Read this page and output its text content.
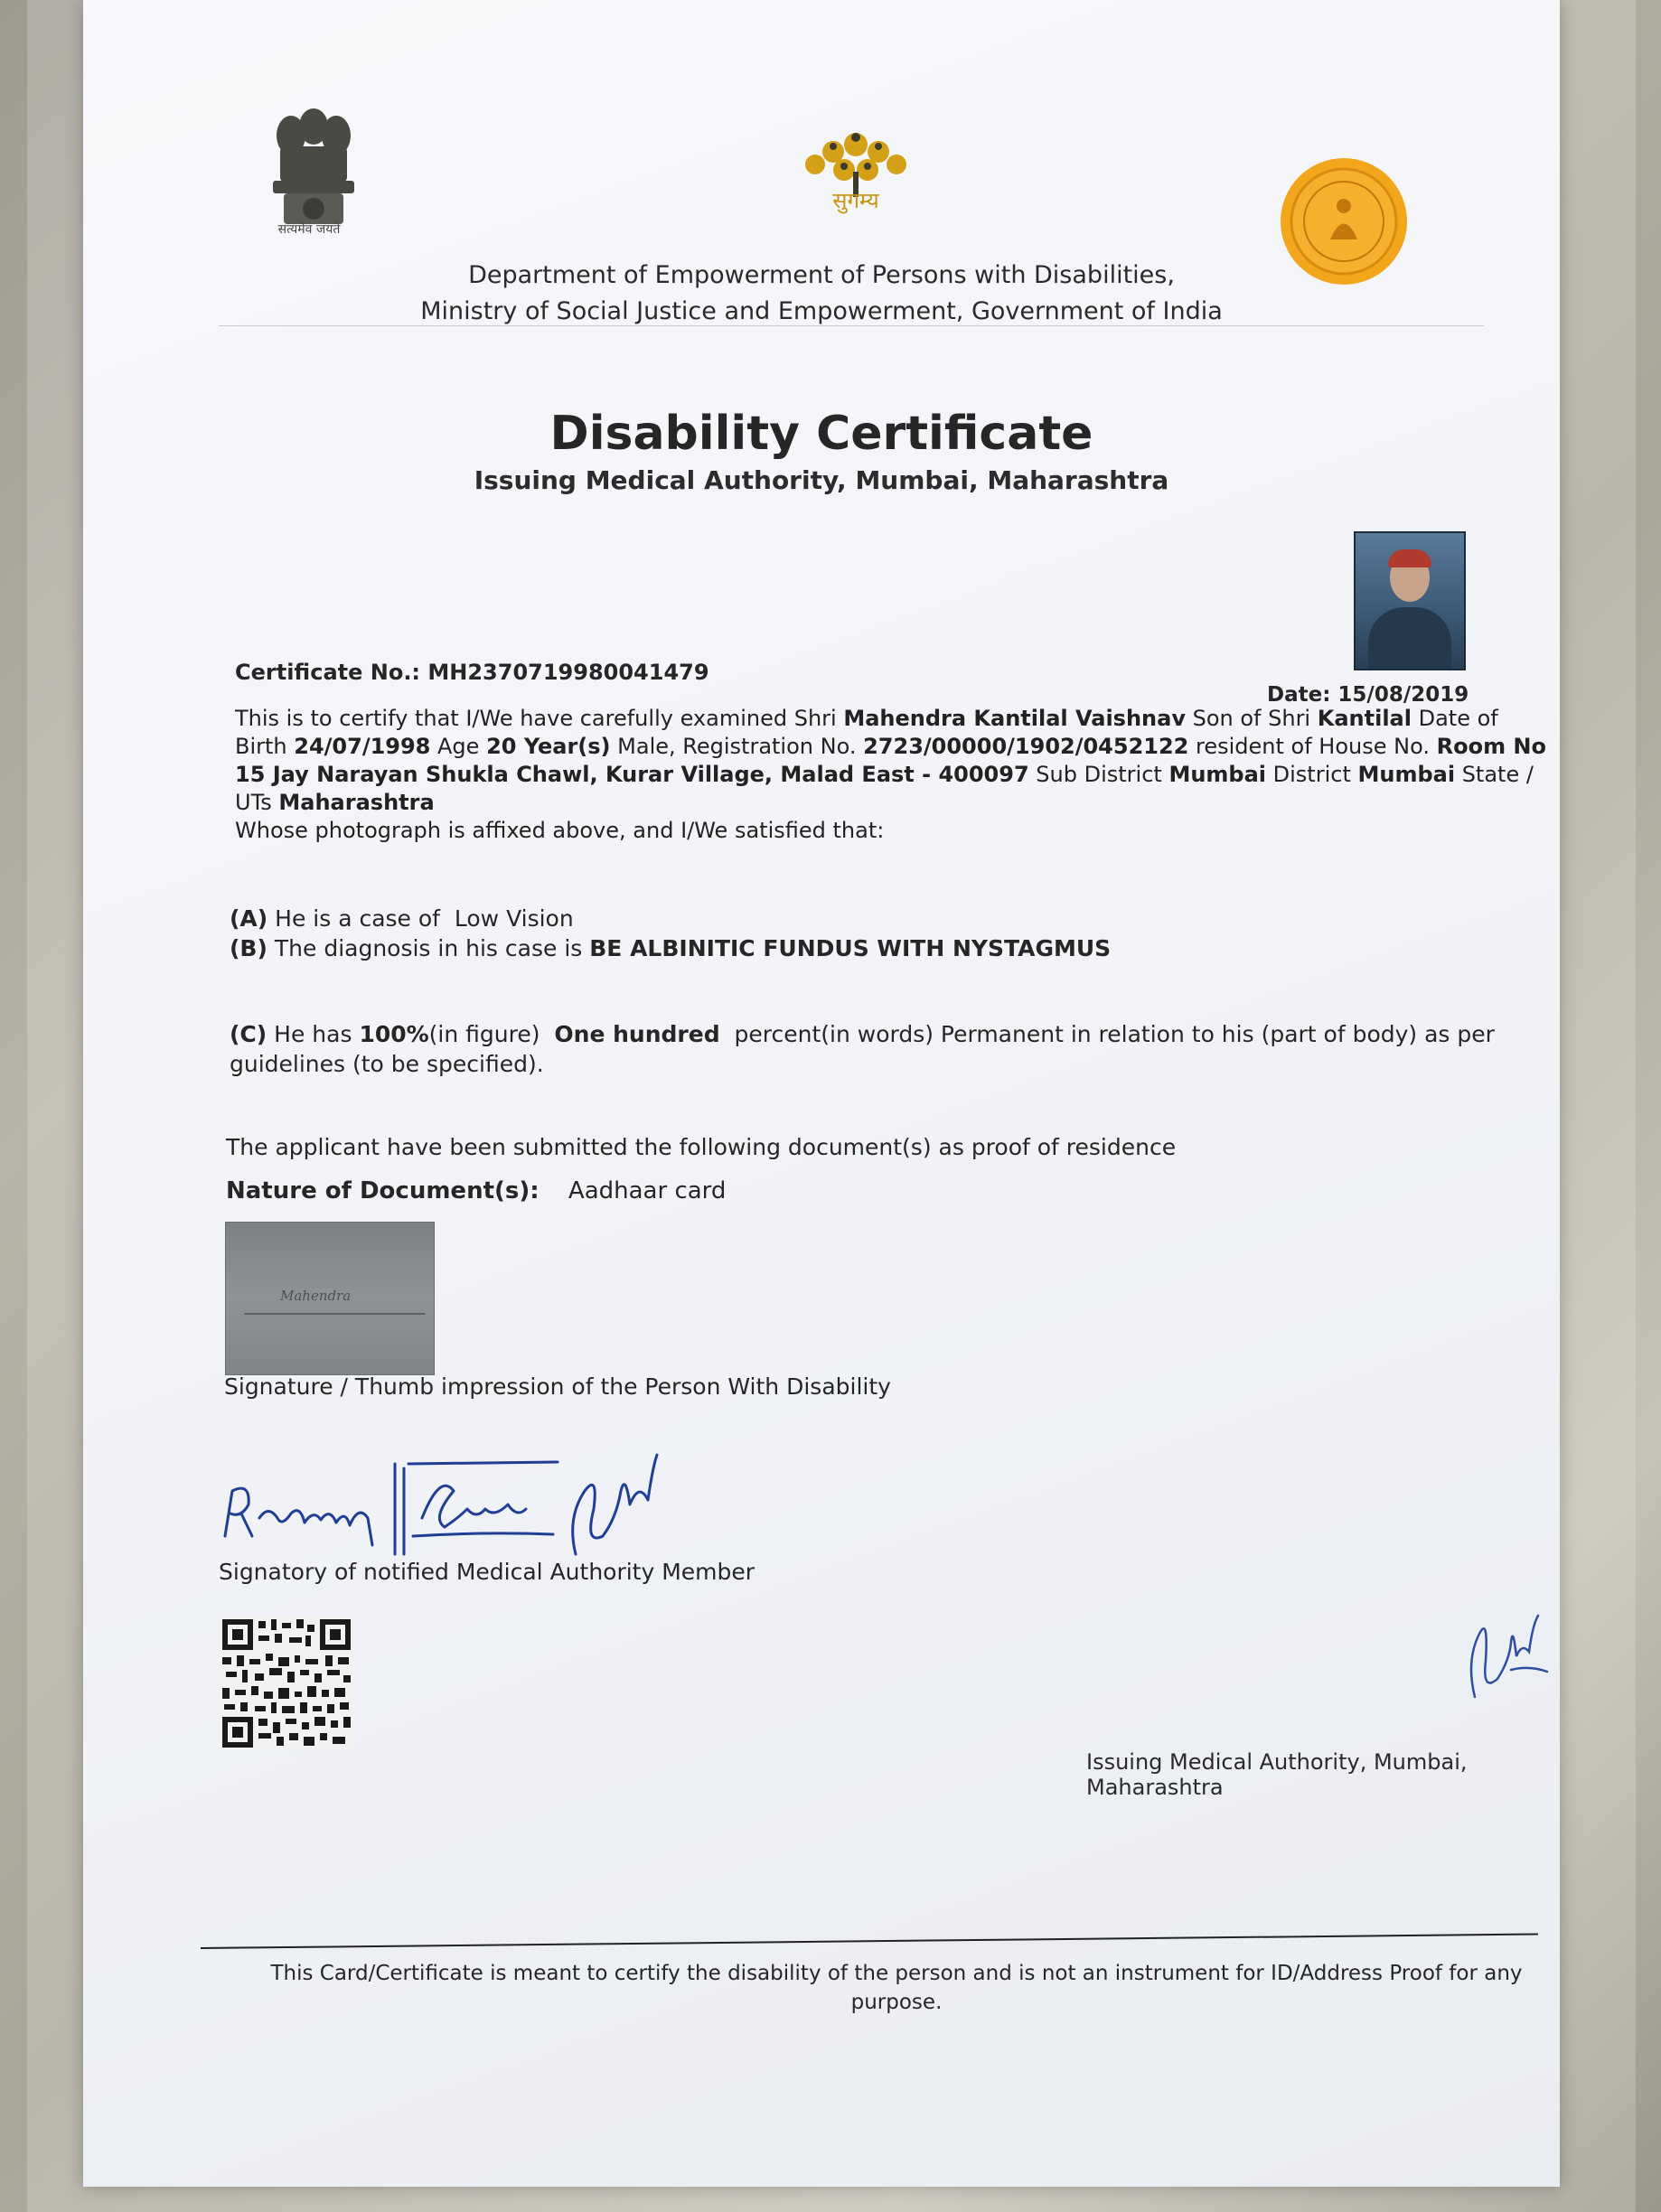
सत्यमेव जयते
सुगम्य
Department of Empowerment of Persons with Disabilities,
Ministry of Social Justice and Empowerment, Government of India
Disability Certificate
Issuing Medical Authority, Mumbai, Maharashtra
Certificate No.: MH2370719980041479
Date: 15/08/2019
This is to certify that I/We have carefully examined Shri Mahendra Kantilal Vaishnav Son of Shri Kantilal Date of Birth 24/07/1998 Age 20 Year(s) Male, Registration No. 2723/00000/1902/0452122 resident of House No. Room No 15 Jay Narayan Shukla Chawl, Kurar Village, Malad East - 400097 Sub District Mumbai District Mumbai State / UTs Maharashtra
Whose photograph is affixed above, and I/We satisfied that:
(A) He is a case of Low Vision
(B) The diagnosis in his case is BE ALBINITIC FUNDUS WITH NYSTAGMUS
(C) He has 100%(in figure) One hundred percent(in words) Permanent in relation to his (part of body) as per guidelines (to be specified).
The applicant have been submitted the following document(s) as proof of residence
Nature of Document(s): Aadhaar card
Mahendra
Signature / Thumb impression of the Person With Disability
Signatory of notified Medical Authority Member
Issuing Medical Authority, Mumbai, Maharashtra
This Card/Certificate is meant to certify the disability of the person and is not an instrument for ID/Address Proof for any
purpose.
